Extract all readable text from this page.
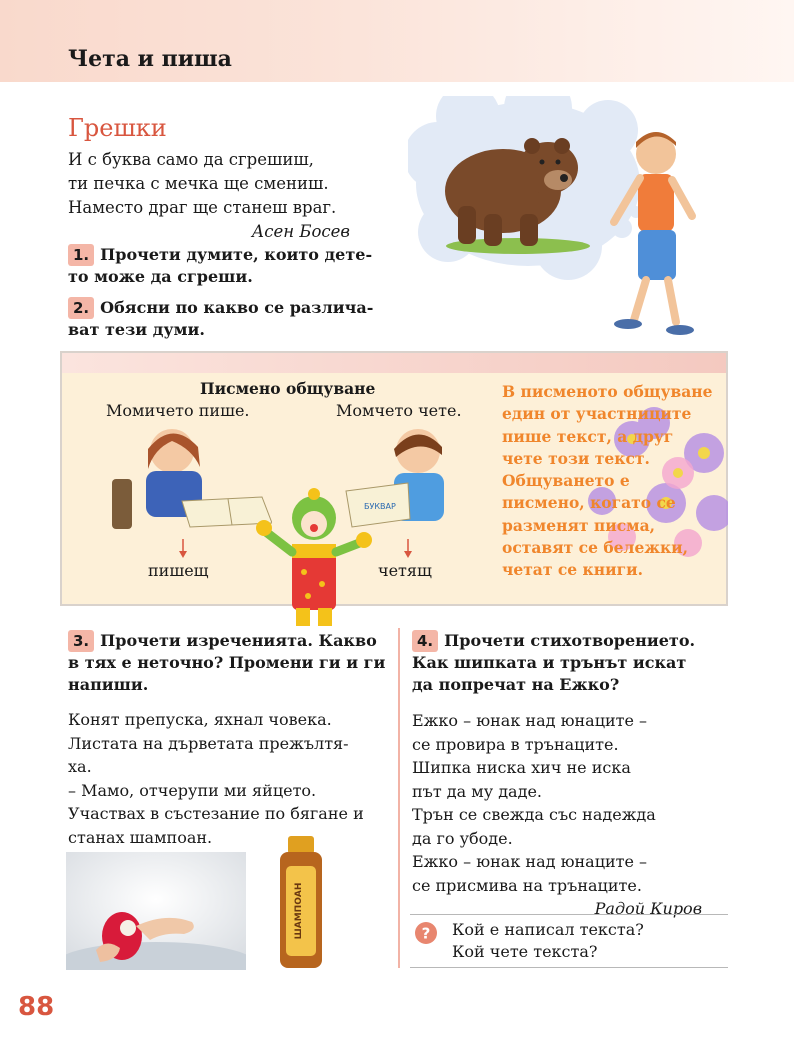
Чета и пиша
Грешки
И с буква само да сгрешиш,
ти печка с мечка ще смениш.
Наместо драг ще станеш враг.
Асен Босев
1. Прочети думите, които дете-
то може да сгреши.
2. Обясни по какво се различа-
ват тези думи.
Писмено общуване
Момичето пише.	Момчето чете.
БУКВАР
пишещ	четящ
В писменото общуване
един от участниците
пише текст, а друг
чете този текст.
Общуването е
писмено, когато се
разменят писма,
оставят се бележки,
четат се книги.
3. Прочети изреченията. Какво
в тях е неточно? Промени ги и ги
напиши.
Конят препуска, яхнал човека.
Листата на дърветата прежълтя-
ха.
– Мамо, отчерупи ми яйцето.
Участвах в състезание по бягане и
станах шампоан.
ШАМПОАН
4. Прочети стихотворението.
Как шипката и трънът искат
да попречат на Ежко?
Ежко – юнак над юнаците –
се провира в трънаците.
Шипка ниска хич не иска
път да му даде.
Трън се свежда със надежда
да го убоде.
Ежко – юнак над юнаците –
се присмива на трънаците.
Радой Киров
? Кой е написал текста?
Кой чете текста?
88
